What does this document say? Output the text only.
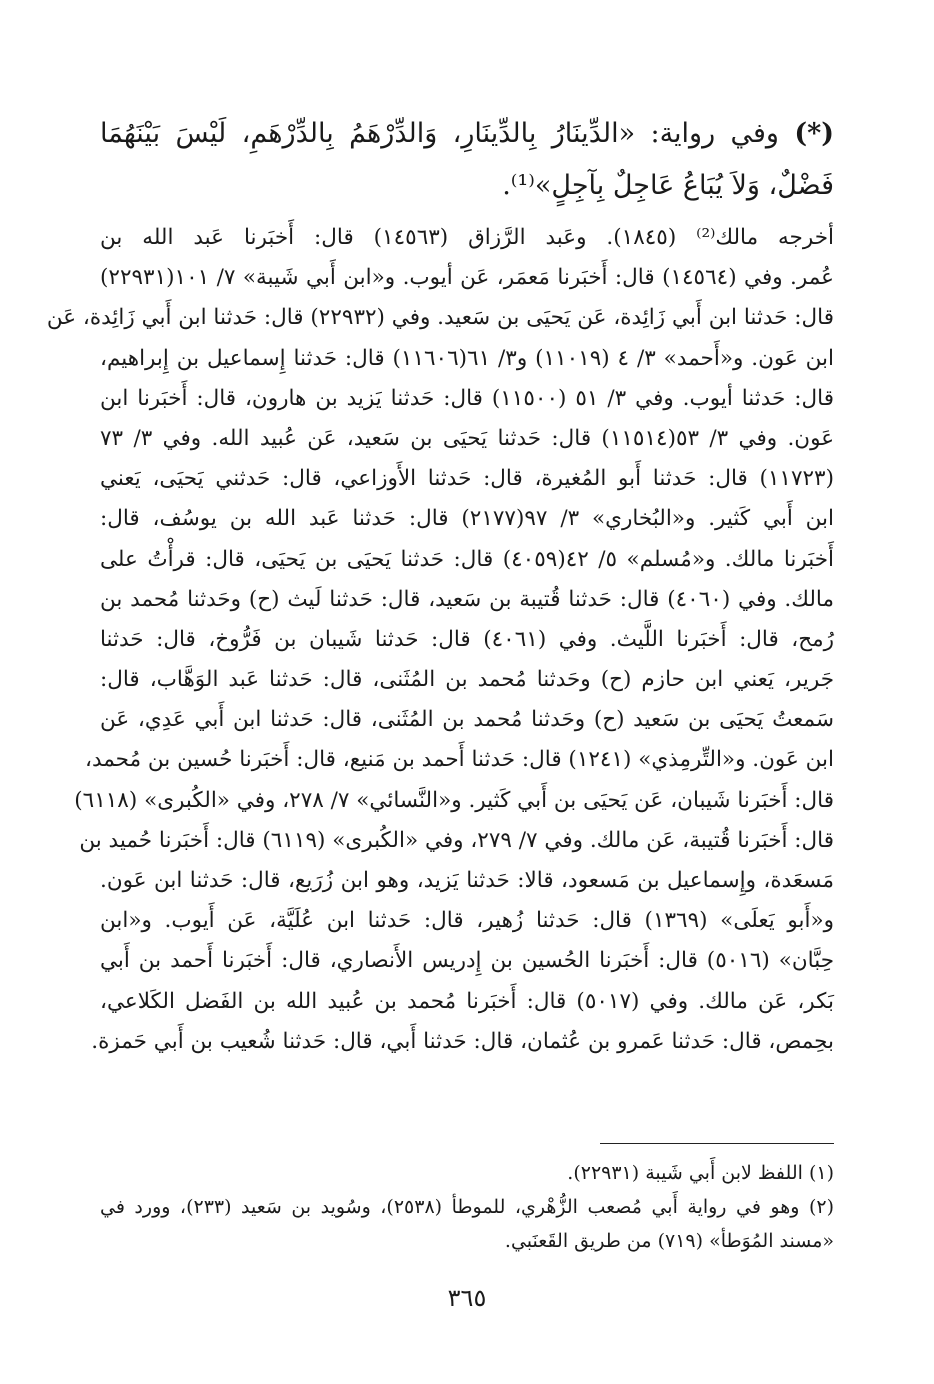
(*) وفي رواية: «الدِّينَارُ بِالدِّينَارِ، وَالدِّرْهَمُ بِالدِّرْهَمِ، لَيْسَ بَيْنَهُمَا فَضْلٌ، وَلاَ يُبَاعُ عَاجِلٌ بِآجِلٍ»⁽¹⁾.

أخرجه مالك⁽²⁾ (١٨٤٥). وعَبد الرَّزاق (١٤٥٦٣) قال: أَخبَرنا عَبد الله بن
عُمر. وفي (١٤٥٦٤) قال: أَخبَرنا مَعمَر، عَن أيوب. و«ابن أَبي شَيبة» ٧/ ١٠١(٢٢٩٣١)
قال: حَدثنا ابن أَبي زَائِدة، عَن يَحيَى بن سَعيد. وفي (٢٢٩٣٢) قال: حَدثنا ابن أَبي زَائِدة، عَن
ابن عَون. و«أَحمد» ٣/ ٤ (١١٠١٩) و٣/ ٦١(١١٦٠٦) قال: حَدثنا إِسماعيل بن إِبراهيم،
قال: حَدثنا أيوب. وفي ٣/ ٥١ (١١٥٠٠) قال: حَدثنا يَزيد بن هارون، قال: أَخبَرنا ابن
عَون. وفي ٣/ ٥٣(١١٥١٤) قال: حَدثنا يَحيَى بن سَعيد، عَن عُبيد الله. وفي ٣/ ٧٣
(١١٧٢٣) قال: حَدثنا أَبو المُغيرة، قال: حَدثنا الأَوزاعي، قال: حَدثني يَحيَى، يَعني
ابن أَبي كَثير. و«البُخاري» ٣/ ٩٧(٢١٧٧) قال: حَدثنا عَبد الله بن يوسُف، قال:
أَخبَرنا مالك. و«مُسلم» ٥/ ٤٢(٤٠٥٩) قال: حَدثنا يَحيَى بن يَحيَى، قال: قرأْتُ على
مالك. وفي (٤٠٦٠) قال: حَدثنا قُتيبة بن سَعيد، قال: حَدثنا لَيث (ح) وحَدثنا مُحمد بن
رُمح، قال: أَخبَرنا اللَّيث. وفي (٤٠٦١) قال: حَدثنا شَيبان بن فَرُّوخ، قال: حَدثنا
جَرير، يَعني ابن حازم (ح) وحَدثنا مُحمد بن المُثَنى، قال: حَدثنا عَبد الوَهَّاب، قال:
سَمعتُ يَحيَى بن سَعيد (ح) وحَدثنا مُحمد بن المُثَنى، قال: حَدثنا ابن أَبي عَدِي، عَن
ابن عَون. و«التِّرمِذي» (١٢٤١) قال: حَدثنا أَحمد بن مَنيع، قال: أَخبَرنا حُسين بن مُحمد،
قال: أَخبَرنا شَيبان، عَن يَحيَى بن أَبي كَثير. و«النَّسائي» ٧/ ٢٧٨، وفي «الكُبرى» (٦١١٨)
قال: أَخبَرنا قُتيبة، عَن مالك. وفي ٧/ ٢٧٩، وفي «الكُبرى» (٦١١٩) قال: أَخبَرنا حُميد بن
مَسعَدة، وإِسماعيل بن مَسعود، قالا: حَدثنا يَزيد، وهو ابن زُرَيع، قال: حَدثنا ابن عَون.
و«أَبو يَعلَى» (١٣٦٩) قال: حَدثنا زُهير، قال: حَدثنا ابن عُلَيَّة، عَن أَيوب. و«ابن
حِبَّان» (٥٠١٦) قال: أَخبَرنا الحُسين بن إِدريس الأَنصاري، قال: أَخبَرنا أَحمد بن أَبي
بَكر، عَن مالك. وفي (٥٠١٧) قال: أَخبَرنا مُحمد بن عُبيد الله بن الفَضل الكَلاعي،
بحِمص، قال: حَدثنا عَمرو بن عُثمان، قال: حَدثنا أَبي، قال: حَدثنا شُعيب بن أَبي حَمزة.
(١) اللفظ لابن أَبي شَيبة (٢٢٩٣١).
(٢) وهو في رواية أَبي مُصعب الزُّهْري، للموطأ (٢٥٣٨)، وسُويد بن سَعيد (٢٣٣)، وورد في
«مسند المُوَطأ» (٧١٩) من طريق القَعنَبي.
٣٦٥
